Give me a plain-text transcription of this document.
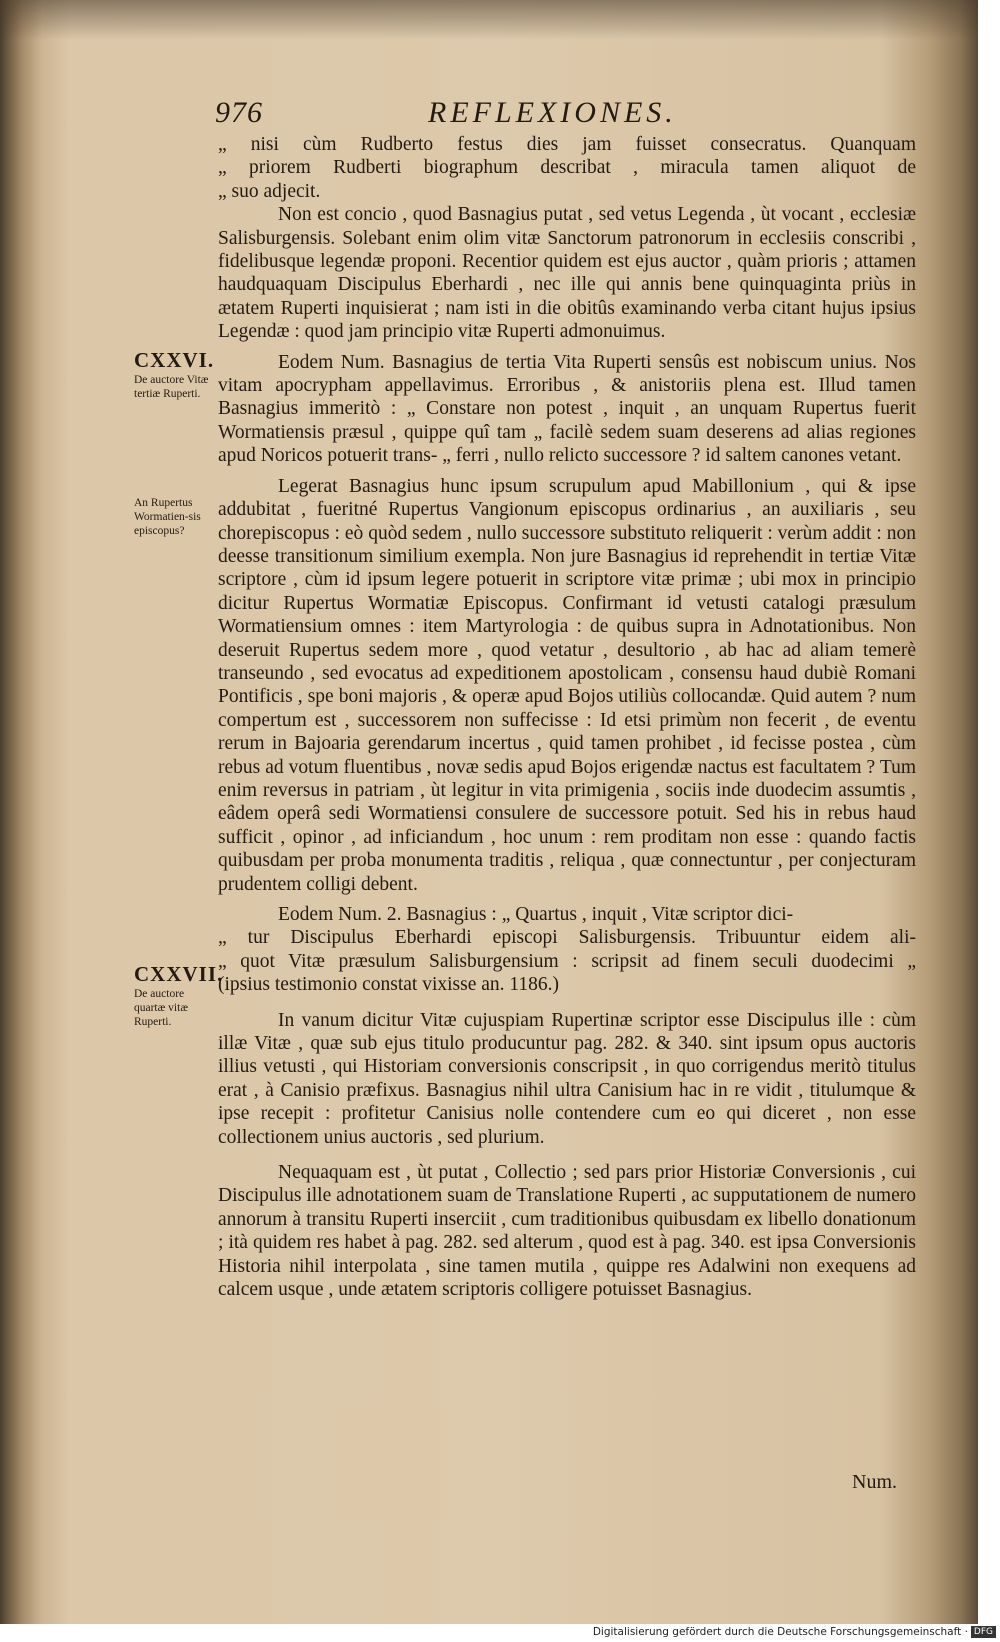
976	REFLEXIONES.
CXXVI.
De auctore Vitæ tertiæ Ruperti.
An Rupertus Wormatien-sis episcopus?
CXXVII.
De auctore quartæ vitæ Ruperti.

„ nisi cùm Rudberto festus dies jam fuisset consecratus. Quanquam
„ priorem Rudberti biographum describat , miracula tamen aliquot de
„ suo adjecit.

Non est concio , quod Basnagius putat , sed vetus Legenda , ùt vocant , ecclesiæ Salisburgensis. Solebant enim olim vitæ Sanctorum patronorum in ecclesiis conscribi , fidelibusque legendæ proponi. Recentior quidem est ejus auctor , quàm prioris ; attamen haudquaquam Discipulus Eberhardi , nec ille qui annis bene quinquaginta priùs in ætatem Ruperti inquisierat ; nam isti in die obitûs examinando verba citant hujus ipsius Legendæ : quod jam principio vitæ Ruperti admonuimus.

Eodem Num. Basnagius de tertia Vita Ruperti sensûs est nobiscum unius. Nos vitam apocrypham appellavimus. Erroribus , & anistoriis plena est. Illud tamen Basnagius immeritò : „ Constare non potest , inquit , an unquam Rupertus fuerit Wormatiensis præsul , quippe quî tam „ facilè sedem suam deserens ad alias regiones apud Noricos potuerit trans- „ ferri , nullo relicto successore ? id saltem canones vetant.

Legerat Basnagius hunc ipsum scrupulum apud Mabillonium , qui & ipse addubitat , fueritné Rupertus Vangionum episcopus ordinarius , an auxiliaris , seu chorepiscopus : eò quòd sedem , nullo successore substituto reliquerit : verùm addit : non deesse transitionum similium exempla. Non jure Basnagius id reprehendit in tertiæ Vitæ scriptore , cùm id ipsum legere potuerit in scriptore vitæ primæ ; ubi mox in principio dicitur Rupertus Wormatiæ Episcopus. Confirmant id vetusti catalogi præsulum Wormatiensium omnes : item Martyrologia : de quibus supra in Adnotationibus. Non deseruit Rupertus sedem more , quod vetatur , desultorio , ab hac ad aliam temerè transeundo , sed evocatus ad expeditionem apostolicam , consensu haud dubiè Romani Pontificis , spe boni majoris , & operæ apud Bojos utiliùs collocandæ. Quid autem ? num compertum est , successorem non suffecisse : Id etsi primùm non fecerit , de eventu rerum in Bajoaria gerendarum incertus , quid tamen prohibet , id fecisse postea , cùm rebus ad votum fluentibus , novæ sedis apud Bojos erigendæ nactus est facultatem ? Tum enim reversus in patriam , ùt legitur in vita primigenia , sociis inde duodecim assumtis , eâdem operâ sedi Wormatiensi consulere de successore potuit. Sed his in rebus haud sufficit , opinor , ad inficiandum , hoc unum : rem proditam non esse : quando factis quibusdam per proba monumenta traditis , reliqua , quæ connectuntur , per conjecturam prudentem colligi debent.

Eodem Num. 2. Basnagius : „ Quartus , inquit , Vitæ scriptor dici-
„ tur Discipulus Eberhardi episcopi Salisburgensis. Tribuuntur eidem ali-
„ quot Vitæ præsulum Salisburgensium : scripsit ad finem seculi duodecimi „
(ipsius testimonio constat vixisse an. 1186.)

In vanum dicitur Vitæ cujuspiam Rupertinæ scriptor esse Discipulus ille : cùm illæ Vitæ , quæ sub ejus titulo producuntur pag. 282. & 340. sint ipsum opus auctoris illius vetusti , qui Historiam conversionis conscripsit , in quo corrigendus meritò titulus erat , à Canisio præfixus. Basnagius nihil ultra Canisium hac in re vidit , titulumque & ipse recepit : profitetur Canisius nolle contendere cum eo qui diceret , non esse collectionem unius auctoris , sed plurium.

Nequaquam est , ùt putat , Collectio ; sed pars prior Historiæ Conversionis , cui Discipulus ille adnotationem suam de Translatione Ruperti , ac supputationem de numero annorum à transitu Ruperti inserciit , cum traditionibus quibusdam ex libello donationum ; ità quidem res habet à pag. 282. sed alterum , quod est à pag. 340. est ipsa Conversionis Historia nihil interpolata , sine tamen mutila , quippe res Adalwini non exequens ad calcem usque , unde ætatem scriptoris colligere potuisset Basnagius.

Num.
Digitalisierung gefördert durch die Deutsche Forschungsgemeinschaft · DFG
